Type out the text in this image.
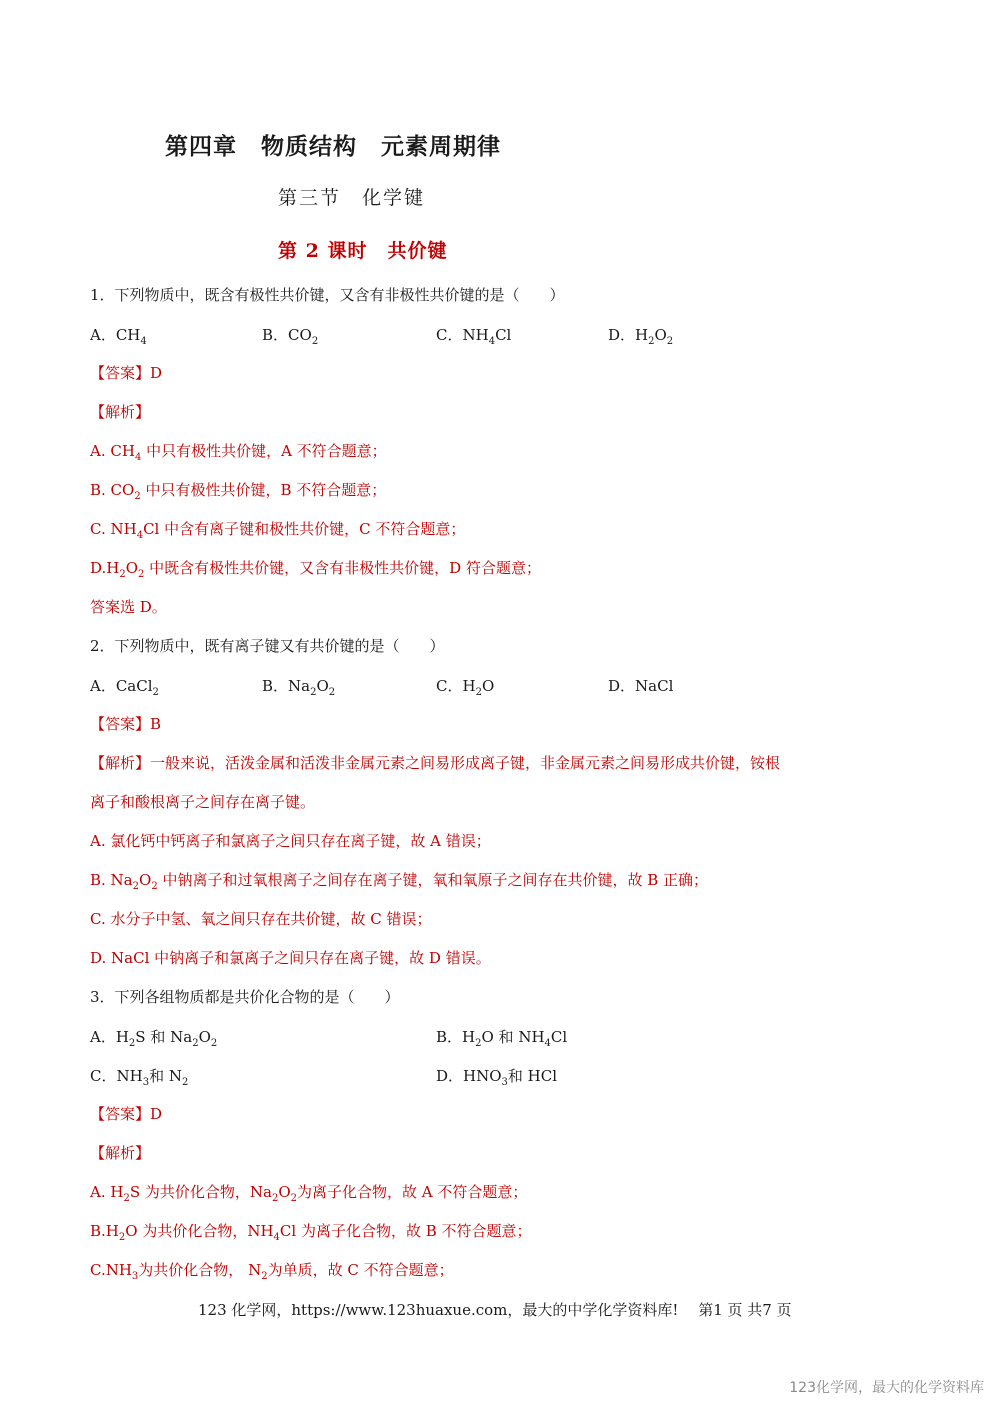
第四章　物质结构　元素周期律
第三节　化学键
第 2 课时　共价键
1．下列物质中，既含有极性共价键，又含有非极性共价键的是（　　）
A．$CH_4$	B．$CO_2$	C．$NH_4Cl$	D．$H_2O_2$
【答案】D
【解析】
A. $CH_4$ 中只有极性共价键，A 不符合题意；
B. $CO_2$ 中只有极性共价键，B 不符合题意；
C. $NH_4Cl$ 中含有离子键和极性共价键，C 不符合题意；
$D.H_2O_2$ 中既含有极性共价键，又含有非极性共价键，D 符合题意；
答案选 D。
2．下列物质中，既有离子键又有共价键的是（　　）
A．CaCl$_2$	B．$Na_2O_2$	C．$H_2O$	D．NaCl
【答案】B
【解析】一般来说，活泼金属和活泼非金属元素之间易形成离子键，非金属元素之间易形成共价键，铵根
离子和酸根离子之间存在离子键。
A. 氯化钙中钙离子和氯离子之间只存在离子键，故 A 错误；
B. $Na_2O_2$ 中钠离子和过氧根离子之间存在离子键，氧和氧原子之间存在共价键，故 B 正确；
C. 水分子中氢、氧之间只存在共价键，故 C 错误；
D. NaCl 中钠离子和氯离子之间只存在离子键，故 D 错误。
3．下列各组物质都是共价化合物的是（　　）
A．$H_2S$ 和 $Na_2O_2$	B．$H_2O$ 和 $NH_4Cl$
C．$NH_3$和 $N_2$	D．$HNO_3$和 HCl
【答案】D
【解析】
A. $H_2S$ 为共价化合物，$Na_2O_2$为离子化合物，故 A 不符合题意；
$B.H_2O$ 为共价化合物，$NH_4Cl$ 为离子化合物，故 B 不符合题意；
$C.NH_3$为共价化合物， $N_2$为单质，故 C 不符合题意；
123 化学网，https://www.123huaxue.com，最大的中学化学资料库!　 第1 页 共7 页
123化学网，最大的化学资料库
